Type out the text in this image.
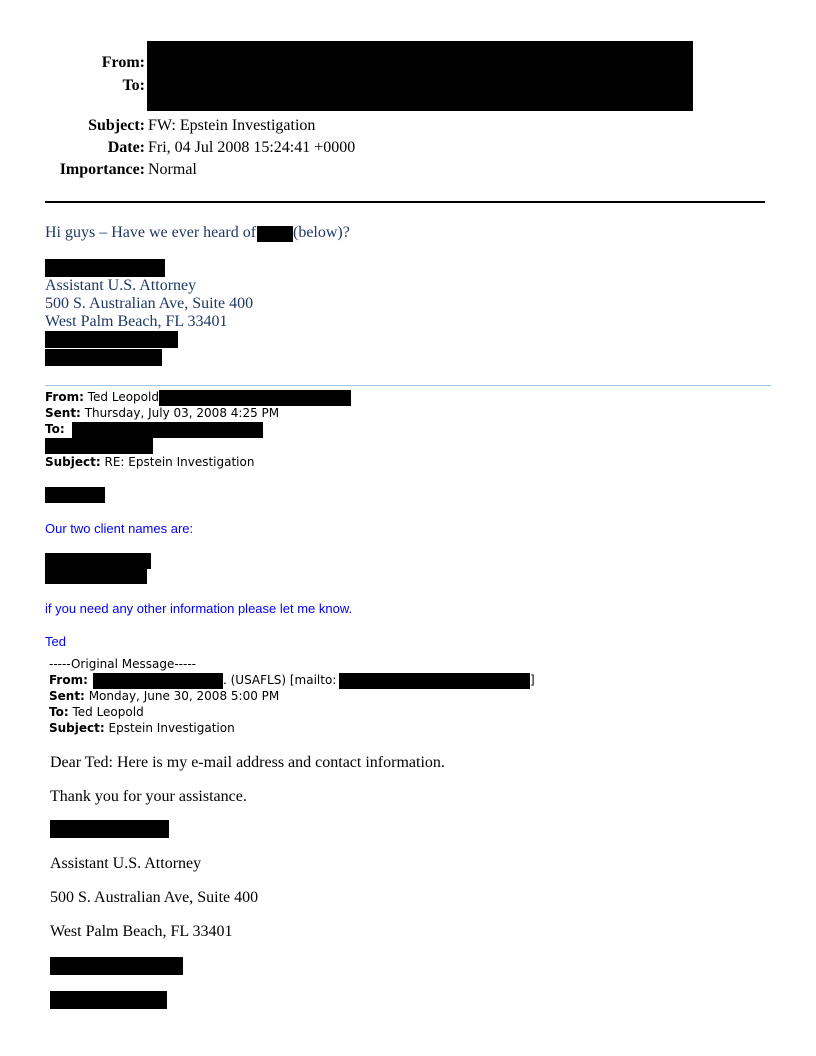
From:
To:
Subject: FW: Epstein Investigation
Date: Fri, 04 Jul 2008 15:24:41 +0000
Importance: Normal
Hi guys – Have we ever heard of (below)?
Assistant U.S. Attorney
500 S. Australian Ave, Suite 400
West Palm Beach, FL 33401
From: Ted Leopold
Sent: Thursday, July 03, 2008 4:25 PM
To:
Subject: RE: Epstein Investigation
Our two client names are:
if you need any other information please let me know.
Ted
-----Original Message-----
From:	. (USAFLS) [mailto:	]
Sent: Monday, June 30, 2008 5:00 PM
To: Ted Leopold
Subject: Epstein Investigation
Dear Ted: Here is my e-mail address and contact information.
Thank you for your assistance.
Assistant U.S. Attorney
500 S. Australian Ave, Suite 400
West Palm Beach, FL 33401
